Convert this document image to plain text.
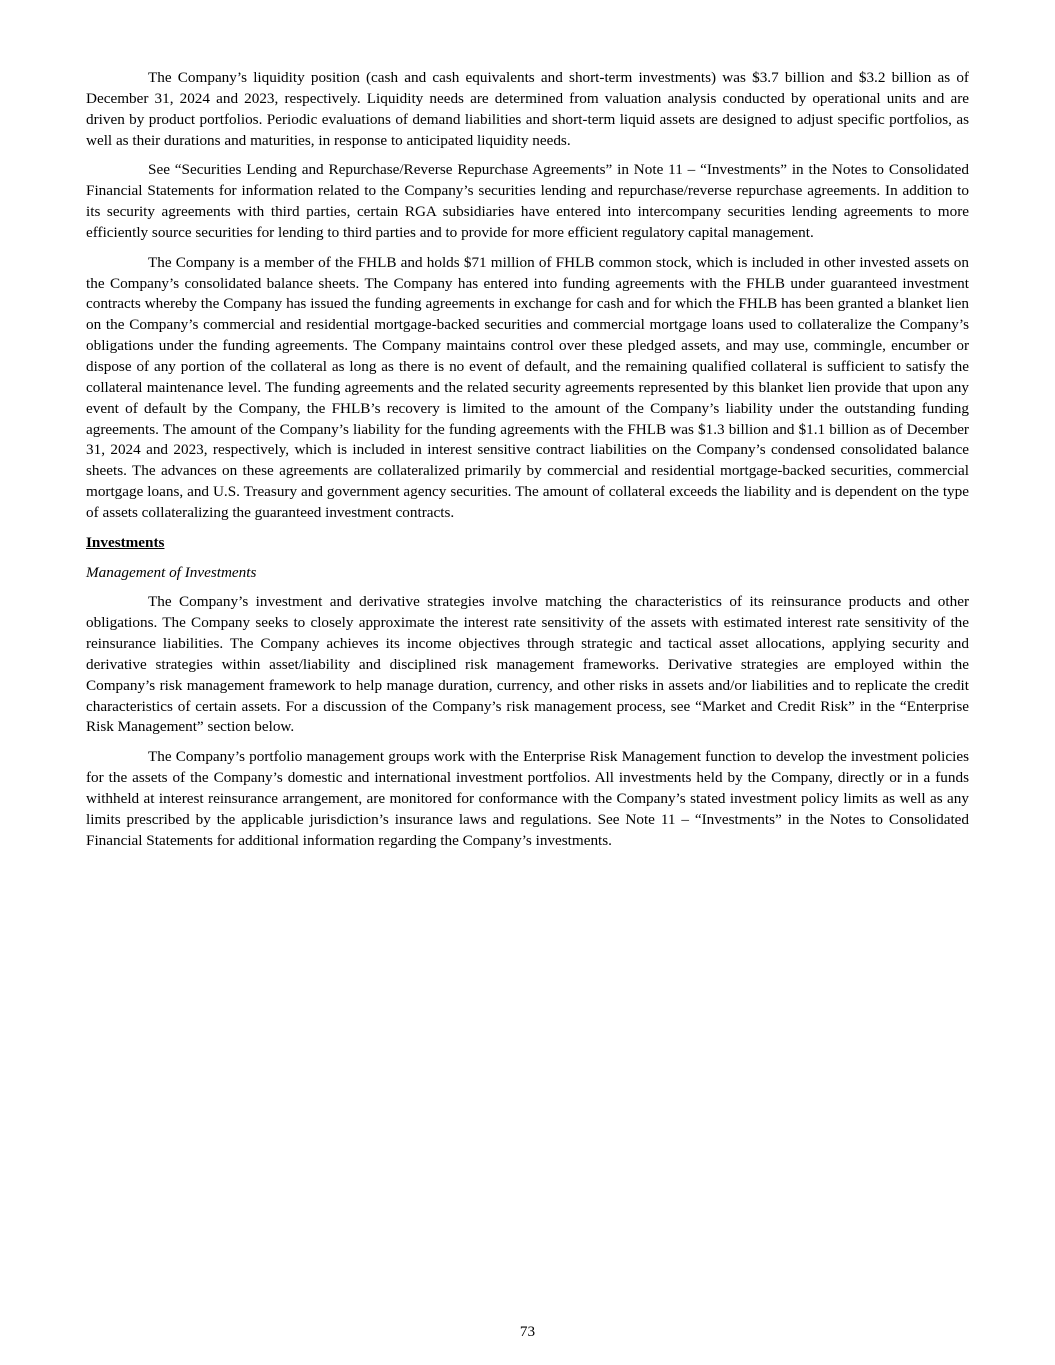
The Company’s liquidity position (cash and cash equivalents and short-term investments) was $3.7 billion and $3.2 billion as of December 31, 2024 and 2023, respectively. Liquidity needs are determined from valuation analysis conducted by operational units and are driven by product portfolios. Periodic evaluations of demand liabilities and short-term liquid assets are designed to adjust specific portfolios, as well as their durations and maturities, in response to anticipated liquidity needs.

See “Securities Lending and Repurchase/Reverse Repurchase Agreements” in Note 11 – “Investments” in the Notes to Consolidated Financial Statements for information related to the Company’s securities lending and repurchase/reverse repurchase agreements. In addition to its security agreements with third parties, certain RGA subsidiaries have entered into intercompany securities lending agreements to more efficiently source securities for lending to third parties and to provide for more efficient regulatory capital management.

The Company is a member of the FHLB and holds $71 million of FHLB common stock, which is included in other invested assets on the Company’s consolidated balance sheets. The Company has entered into funding agreements with the FHLB under guaranteed investment contracts whereby the Company has issued the funding agreements in exchange for cash and for which the FHLB has been granted a blanket lien on the Company’s commercial and residential mortgage-backed securities and commercial mortgage loans used to collateralize the Company’s obligations under the funding agreements. The Company maintains control over these pledged assets, and may use, commingle, encumber or dispose of any portion of the collateral as long as there is no event of default, and the remaining qualified collateral is sufficient to satisfy the collateral maintenance level. The funding agreements and the related security agreements represented by this blanket lien provide that upon any event of default by the Company, the FHLB’s recovery is limited to the amount of the Company’s liability under the outstanding funding agreements. The amount of the Company’s liability for the funding agreements with the FHLB was $1.3 billion and $1.1 billion as of December 31, 2024 and 2023, respectively, which is included in interest sensitive contract liabilities on the Company’s condensed consolidated balance sheets. The advances on these agreements are collateralized primarily by commercial and residential mortgage-backed securities, commercial mortgage loans, and U.S. Treasury and government agency securities. The amount of collateral exceeds the liability and is dependent on the type of assets collateralizing the guaranteed investment contracts.

Investments
Management of Investments

The Company’s investment and derivative strategies involve matching the characteristics of its reinsurance products and other obligations. The Company seeks to closely approximate the interest rate sensitivity of the assets with estimated interest rate sensitivity of the reinsurance liabilities. The Company achieves its income objectives through strategic and tactical asset allocations, applying security and derivative strategies within asset/liability and disciplined risk management frameworks. Derivative strategies are employed within the Company’s risk management framework to help manage duration, currency, and other risks in assets and/or liabilities and to replicate the credit characteristics of certain assets. For a discussion of the Company’s risk management process, see “Market and Credit Risk” in the “Enterprise Risk Management” section below.

The Company’s portfolio management groups work with the Enterprise Risk Management function to develop the investment policies for the assets of the Company’s domestic and international investment portfolios. All investments held by the Company, directly or in a funds withheld at interest reinsurance arrangement, are monitored for conformance with the Company’s stated investment policy limits as well as any limits prescribed by the applicable jurisdiction’s insurance laws and regulations. See Note 11 – “Investments” in the Notes to Consolidated Financial Statements for additional information regarding the Company’s investments.

73
